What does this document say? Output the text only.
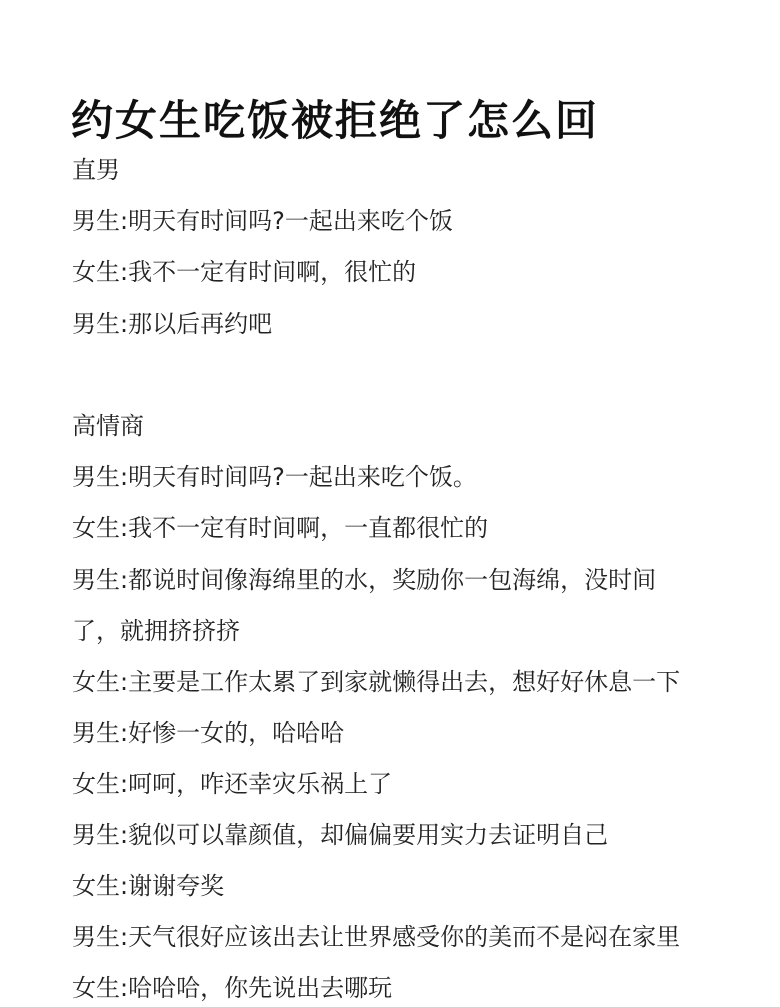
约女生吃饭被拒绝了怎么回
直男
男生:明天有时间吗?一起出来吃个饭
女生:我不一定有时间啊，很忙的
男生:那以后再约吧
高情商
男生:明天有时间吗?一起出来吃个饭。
女生:我不一定有时间啊，一直都很忙的
男生:都说时间像海绵里的水，奖励你一包海绵，没时间
了，就拥挤挤挤
女生:主要是工作太累了到家就懒得出去，想好好休息一下
男生:好惨一女的，哈哈哈
女生:呵呵，咋还幸灾乐祸上了
男生:貌似可以靠颜值，却偏偏要用实力去证明自己
女生:谢谢夸奖
男生:天气很好应该出去让世界感受你的美而不是闷在家里
女生:哈哈哈，你先说出去哪玩
